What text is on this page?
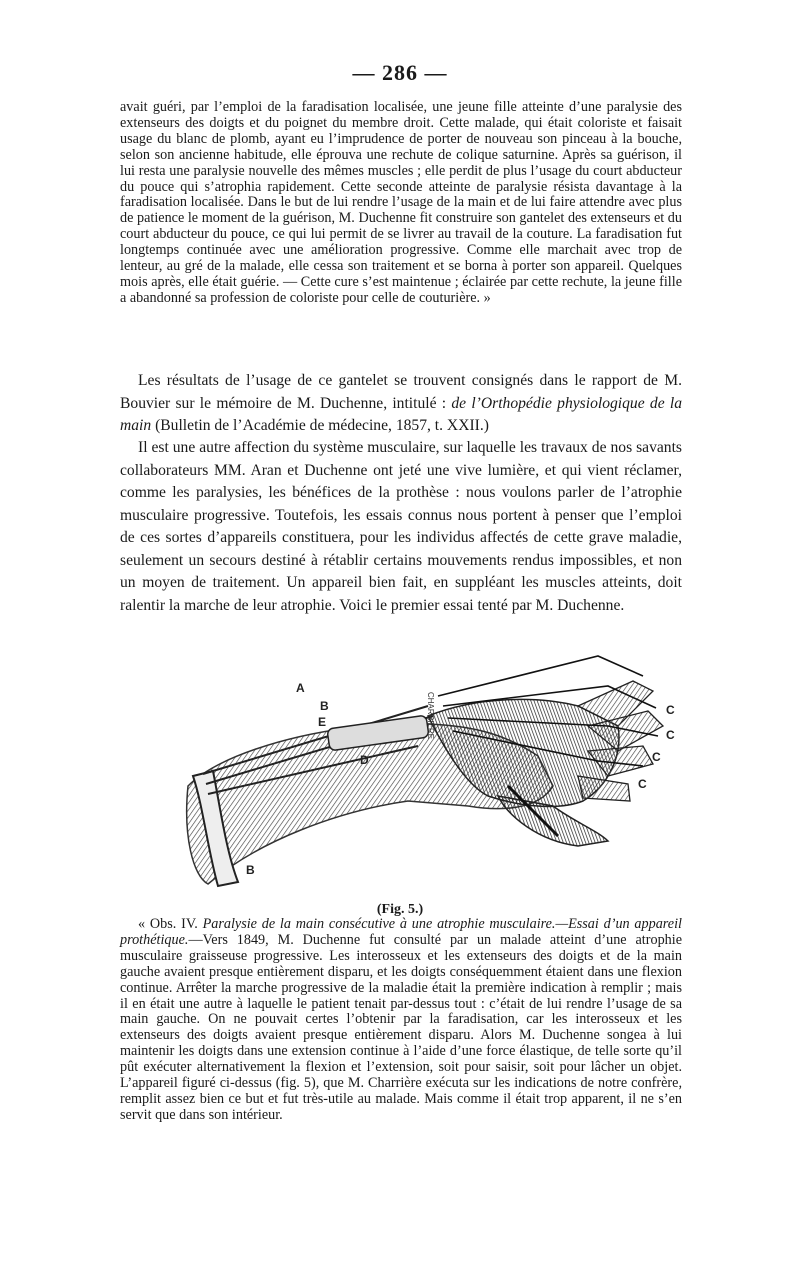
— 286 —

avait guéri, par l’emploi de la faradisation localisée, une jeune fille atteinte d’une paralysie des extenseurs des doigts et du poignet du membre droit. Cette malade, qui était coloriste et faisait usage du blanc de plomb, ayant eu l’imprudence de porter de nouveau son pinceau à la bouche, selon son ancienne habitude, elle éprouva une rechute de colique saturnine. Après sa guérison, il lui resta une paralysie nouvelle des mêmes muscles ; elle perdit de plus l’usage du court abducteur du pouce qui s’atrophia rapidement. Cette seconde atteinte de paralysie résista davantage à la faradisation localisée. Dans le but de lui rendre l’usage de la main et de lui faire attendre avec plus de patience le moment de la guérison, M. Duchenne fit construire son gantelet des extenseurs et du court abducteur du pouce, ce qui lui permit de se livrer au travail de la couture. La faradisation fut longtemps continuée avec une amélioration progressive. Comme elle marchait avec trop de lenteur, au gré de la malade, elle cessa son traitement et se borna à porter son appareil. Quelques mois après, elle était guérie. — Cette cure s’est maintenue ; éclairée par cette rechute, la jeune fille a abandonné sa profession de coloriste pour celle de couturière. »

Les résultats de l’usage de ce gantelet se trouvent consignés dans le rapport de M. Bouvier sur le mémoire de M. Duchenne, intitulé : de l’Orthopédie physiologique de la main (Bulletin de l’Académie de médecine, 1857, t. XXII.)

Il est une autre affection du système musculaire, sur laquelle les travaux de nos savants collaborateurs MM. Aran et Duchenne ont jeté une vive lumière, et qui vient réclamer, comme les paralysies, les bénéfices de la prothèse : nous voulons parler de l’atrophie musculaire progressive. Toutefois, les essais connus nous portent à penser que l’emploi de ces sortes d’appareils constituera, pour les individus affectés de cette grave maladie, seulement un secours destiné à rétablir certains mouvements rendus impossibles, et non un moyen de traitement. Un appareil bien fait, en suppléant les muscles atteints, doit ralentir la marche de leur atrophie. Voici le premier essai tenté par M. Duchenne.

A
B	C
C
C
C
D
E
B
CHARRIÈRE
(Fig. 5.)

« Obs. IV. Paralysie de la main consécutive à une atrophie musculaire.—Essai d’un appareil prothétique.—Vers 1849, M. Duchenne fut consulté par un malade atteint d’une atrophie musculaire graisseuse progressive. Les interosseux et les extenseurs des doigts et de la main gauche avaient presque entièrement disparu, et les doigts conséquemment étaient dans une flexion continue. Arrêter la marche progressive de la maladie était la première indication à remplir ; mais il en était une autre à laquelle le patient tenait par-dessus tout : c’était de lui rendre l’usage de sa main gauche. On ne pouvait certes l’obtenir par la faradisation, car les interosseux et les extenseurs des doigts avaient presque entièrement disparu. Alors M. Duchenne songea à lui maintenir les doigts dans une extension continue à l’aide d’une force élastique, de telle sorte qu’il pût exécuter alternativement la flexion et l’extension, soit pour saisir, soit pour lâcher un objet. L’appareil figuré ci-dessus (fig. 5), que M. Charrière exécuta sur les indications de notre confrère, remplit assez bien ce but et fut très-utile au malade. Mais comme il était trop apparent, il ne s’en servit que dans son intérieur.
